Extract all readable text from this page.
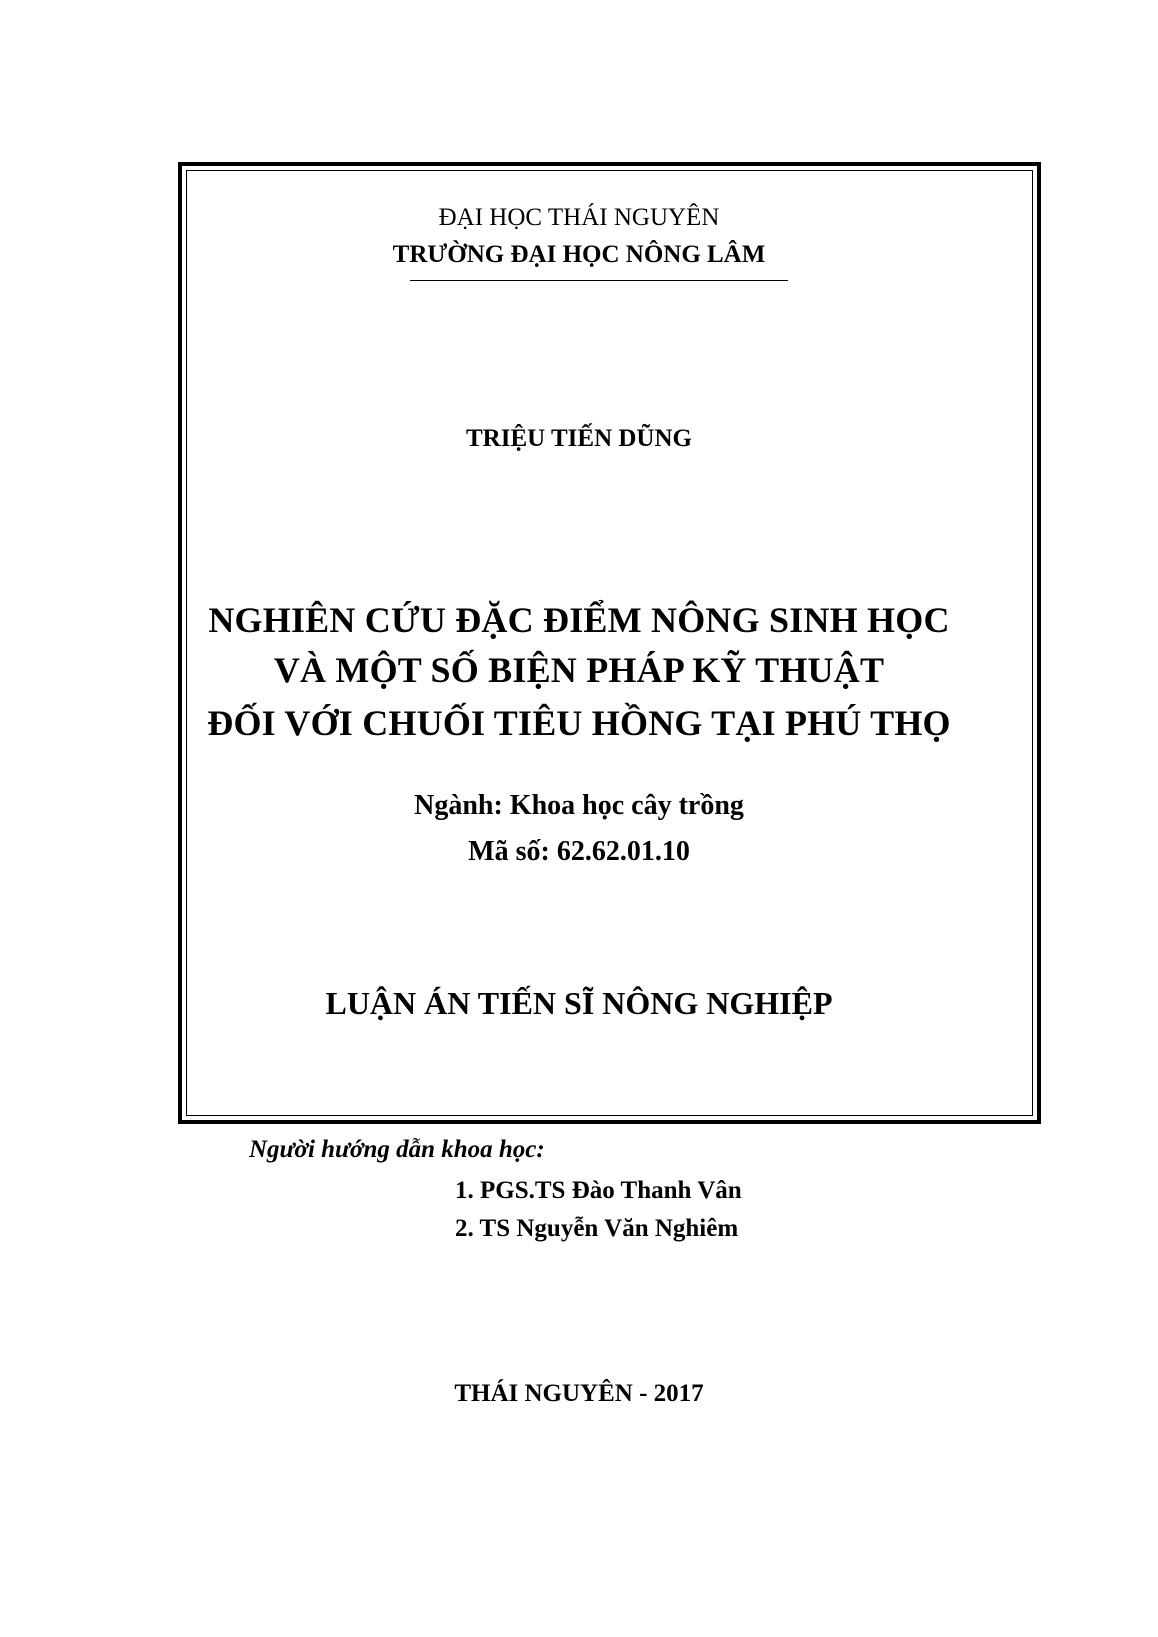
ĐẠI HỌC THÁI NGUYÊN
TRƯỜNG ĐẠI HỌC NÔNG LÂM
TRIỆU TIẾN DŨNG
NGHIÊN CỨU ĐẶC ĐIỂM NÔNG SINH HỌC
VÀ MỘT SỐ BIỆN PHÁP KỸ THUẬT
ĐỐI VỚI CHUỐI TIÊU HỒNG TẠI PHÚ THỌ
Ngành: Khoa học cây trồng
Mã số: 62.62.01.10
LUẬN ÁN TIẾN SĨ NÔNG NGHIỆP
Người hướng dẫn khoa học:
1. PGS.TS Đào Thanh Vân
2. TS Nguyễn Văn Nghiêm
THÁI NGUYÊN - 2017
